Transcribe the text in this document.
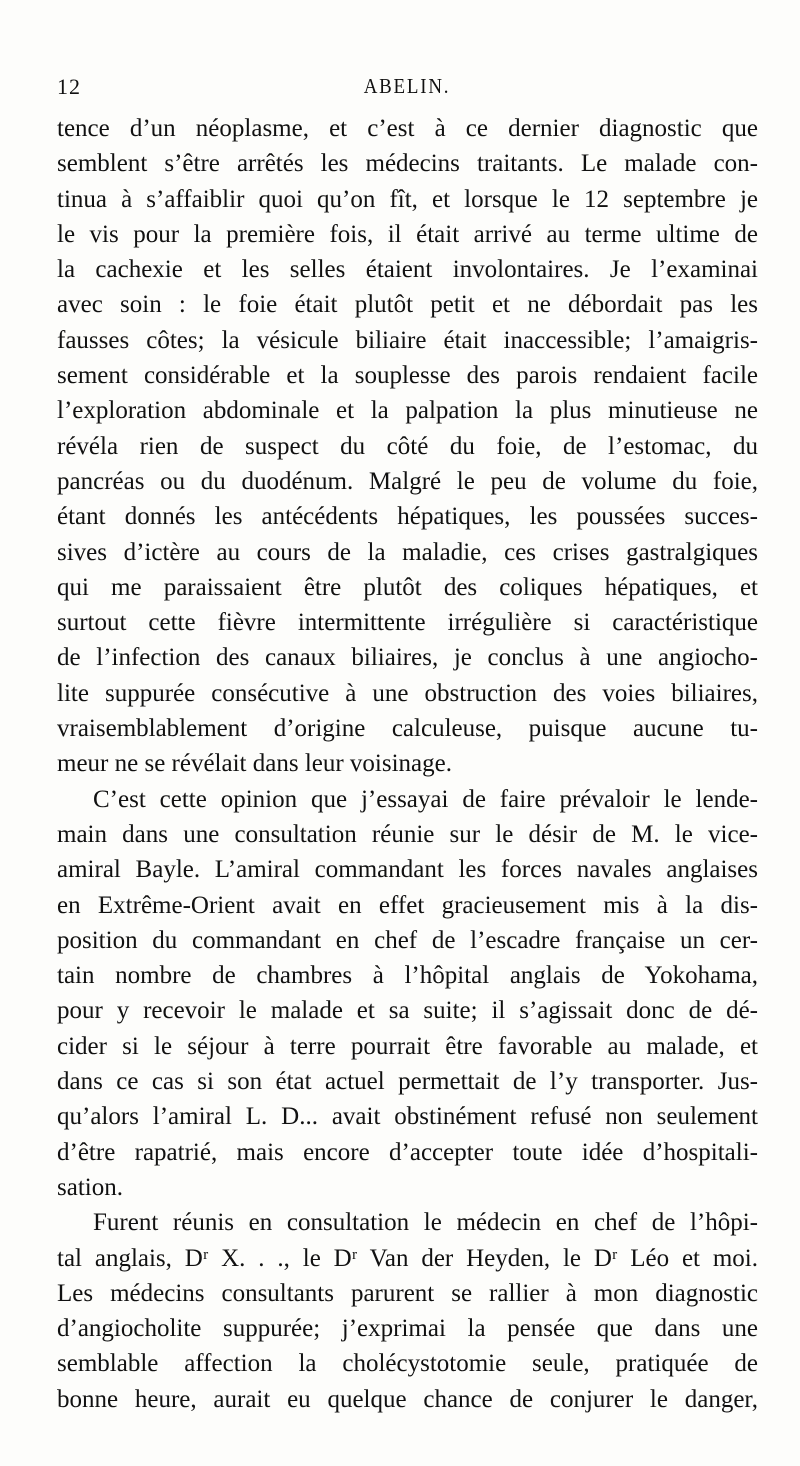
12	ABELIN.
tence d’un néoplasme, et c’est à ce dernier diagnostic que
semblent s’être arrêtés les médecins traitants. Le malade con-
tinua à s’affaiblir quoi qu’on fît, et lorsque le 12 septembre je
le vis pour la première fois, il était arrivé au terme ultime de
la cachexie et les selles étaient involontaires. Je l’examinai
avec soin : le foie était plutôt petit et ne débordait pas les
fausses côtes; la vésicule biliaire était inaccessible; l’amaigris-
sement considérable et la souplesse des parois rendaient facile
l’exploration abdominale et la palpation la plus minutieuse ne
révéla rien de suspect du côté du foie, de l’estomac, du
pancréas ou du duodénum. Malgré le peu de volume du foie,
étant donnés les antécédents hépatiques, les poussées succes-
sives d’ictère au cours de la maladie, ces crises gastralgiques
qui me paraissaient être plutôt des coliques hépatiques, et
surtout cette fièvre intermittente irrégulière si caractéristique
de l’infection des canaux biliaires, je conclus à une angiocho-
lite suppurée consécutive à une obstruction des voies biliaires,
vraisemblablement d’origine calculeuse, puisque aucune tu-
meur ne se révélait dans leur voisinage.
C’est cette opinion que j’essayai de faire prévaloir le lende-
main dans une consultation réunie sur le désir de M. le vice-
amiral Bayle. L’amiral commandant les forces navales anglaises
en Extrême-Orient avait en effet gracieusement mis à la dis-
position du commandant en chef de l’escadre française un cer-
tain nombre de chambres à l’hôpital anglais de Yokohama,
pour y recevoir le malade et sa suite; il s’agissait donc de dé-
cider si le séjour à terre pourrait être favorable au malade, et
dans ce cas si son état actuel permettait de l’y transporter. Jus-
qu’alors l’amiral L. D... avait obstinément refusé non seulement
d’être rapatrié, mais encore d’accepter toute idée d’hospitali-
sation.
Furent réunis en consultation le médecin en chef de l’hôpi-
tal anglais, Dʳ X. . ., le Dʳ Van der Heyden, le Dʳ Léo et moi.
Les médecins consultants parurent se rallier à mon diagnostic
d’angiocholite suppurée; j’exprimai la pensée que dans une
semblable affection la cholécystotomie seule, pratiquée de
bonne heure, aurait eu quelque chance de conjurer le danger,
